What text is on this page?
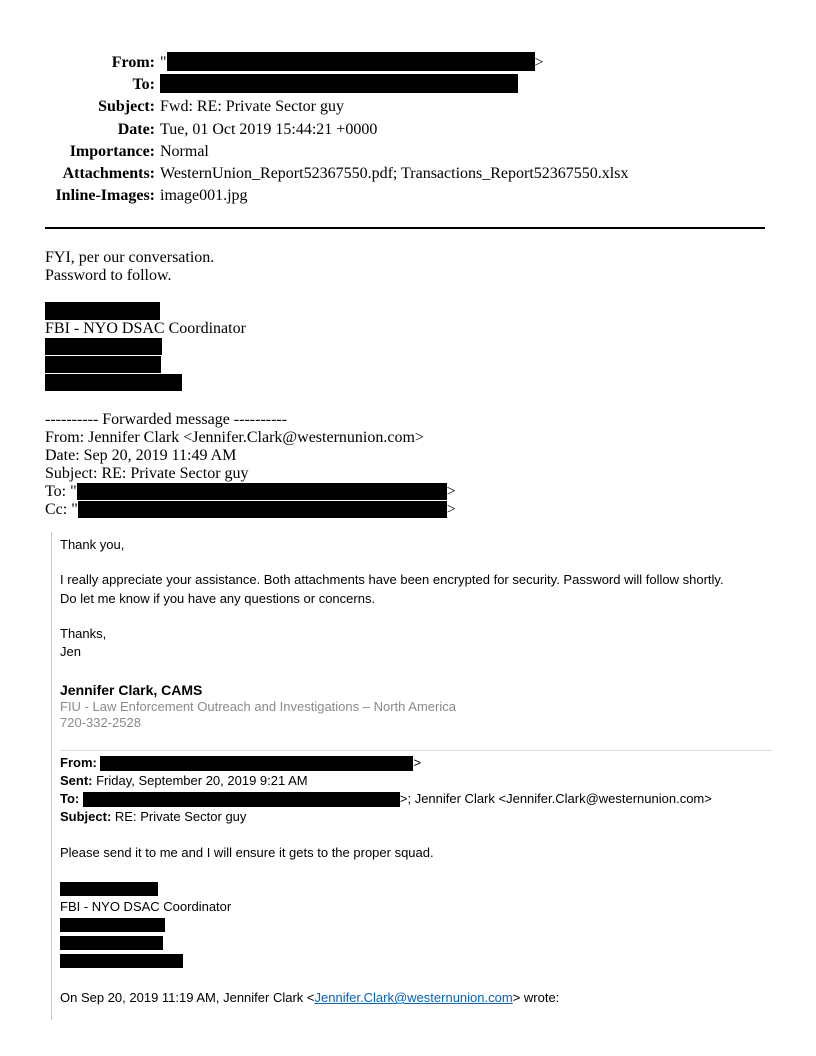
From: "	>
To:
Subject: Fwd: RE: Private Sector guy
Date: Tue, 01 Oct 2019 15:44:21 +0000
Importance: Normal
Attachments: WesternUnion_Report52367550.pdf; Transactions_Report52367550.xlsx
Inline-Images: image001.jpg
FYI, per our conversation.
Password to follow.
FBI - NYO DSAC Coordinator
---------- Forwarded message ----------
From: Jennifer Clark <Jennifer.Clark@westernunion.com>
Date: Sep 20, 2019 11:49 AM
Subject: RE: Private Sector guy
To: "	>
Cc: "	>
Thank you,
I really appreciate your assistance. Both attachments have been encrypted for security. Password will follow shortly.
Do let me know if you have any questions or concerns.
Thanks,
Jen
Jennifer Clark, CAMS
FIU - Law Enforcement Outreach and Investigations – North America
720-332-2528
From:	>
Sent: Friday, September 20, 2019 9:21 AM
To:	>; Jennifer Clark <Jennifer.Clark@westernunion.com>
Subject: RE: Private Sector guy
Please send it to me and I will ensure it gets to the proper squad.
FBI - NYO DSAC Coordinator
On Sep 20, 2019 11:19 AM, Jennifer Clark <Jennifer.Clark@westernunion.com> wrote:
